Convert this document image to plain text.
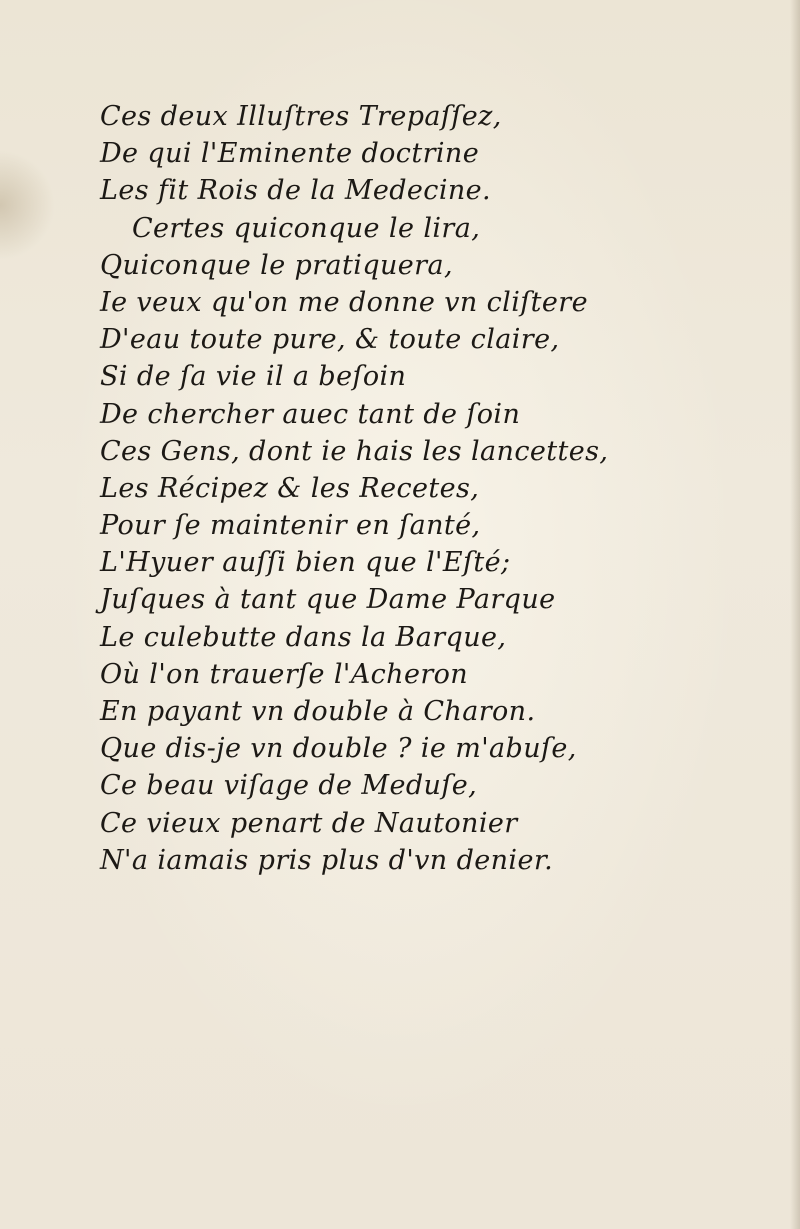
Ces deux Illuſtres Trepaſſez,
De qui l'Eminente doctrine
Les fit Rois de la Medecine.
Certes quiconque le lira,
Quiconque le pratiquera,
Ie veux qu'on me donne vn cliſtere
D'eau toute pure, & toute claire,
Si de ſa vie il a beſoin
De chercher auec tant de ſoin
Ces Gens, dont ie hais les lancettes,
Les Récipez & les Recetes,
Pour ſe maintenir en ſanté,
L'Hyuer auſſi bien que l'Eſté;
Juſques à tant que Dame Parque
Le culebutte dans la Barque,
Où l'on trauerſe l'Acheron
En payant vn double à Charon.
Que dis-je vn double ? ie m'abuſe,
Ce beau viſage de Meduſe,
Ce vieux penart de Nautonier
N'a iamais pris plus d'vn denier.
